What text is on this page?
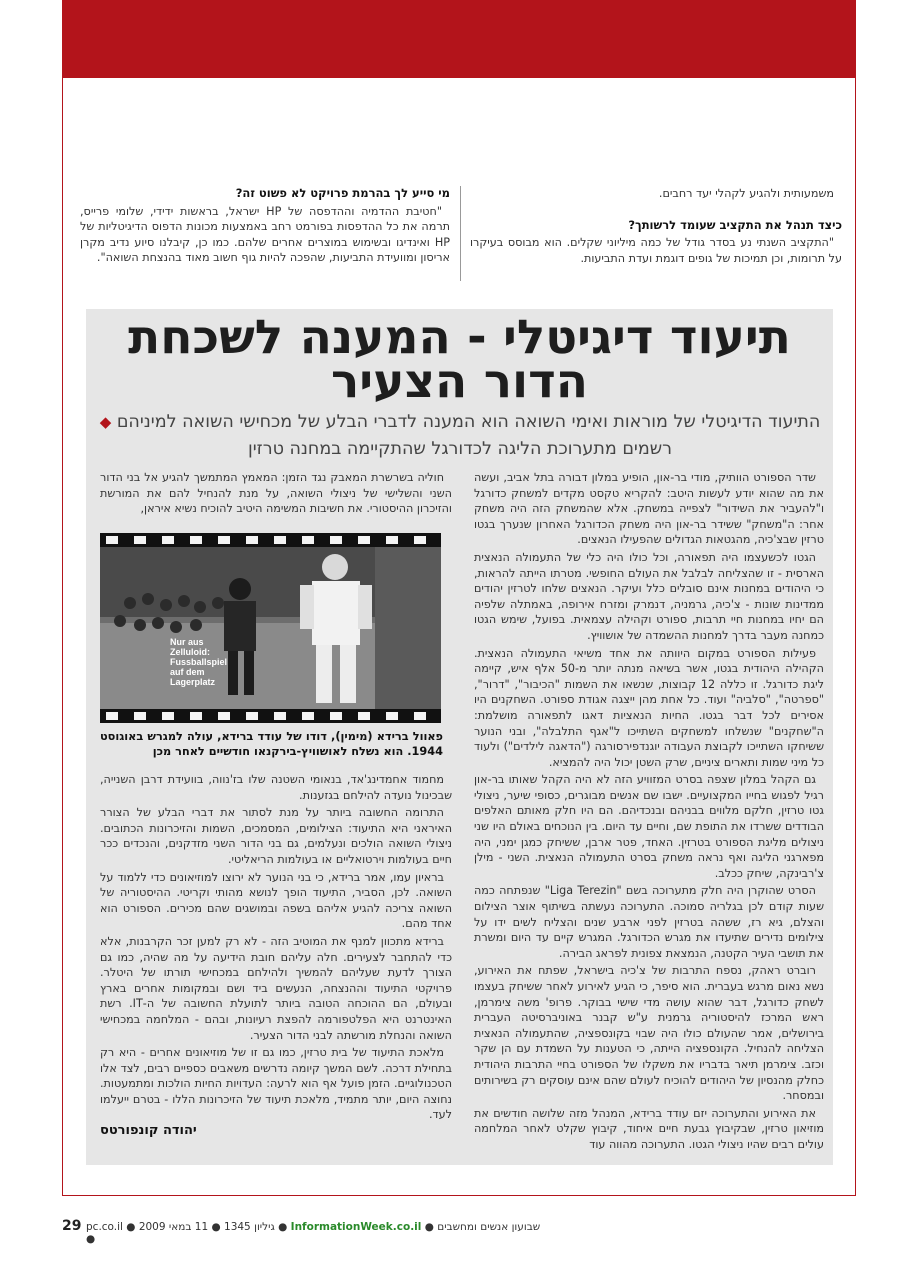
משמעותית ולהגיע לקהלי יעד רחבים.

כיצד תנהל את התקציב שעומד לרשותך?

"התקציב השנתי נע בסדר גודל של כמה מיליוני שקלים. הוא מבוסס בעיקרו על תרומות, וכן תמיכות של גופים דוגמת ועדת התביעות.

מי סייע לך בהרמת פרויקט לא פשוט זה?

"חטיבת ההדמיה וההדפסה של HP ישראל, בראשות ידידי, שלומי פרייס, תרמה את כל ההדפסות בפורמט רחב באמצעות מכונות הדפוס הדיגיטליות של HP ואינדיגו ובשימוש במוצרים אחרים שלהם. כמו כן, קיבלנו סיוע נדיב מקרן אריסון ומוועידת התביעות, שהפכה להיות גוף חשוב מאוד בהנצחת השואה".

תיעוד דיגיטלי - המענה לשכחת הדור הצעיר
התיעוד הדיגיטלי של מוראות ואימי השואה הוא המענה לדברי הבלע של מכחישי השואה למיניהם ◆ רשמים מתערוכת הליגה לכדורגל שהתקיימה במחנה טרזין

שדר הספורט הוותיק, מודי בר-און, הופיע במלון דבורה בתל אביב, ועשה את מה שהוא יודע לעשות היטב: להקריא טקסט מקדים למשחק כדורגל ו"להעביר את השידור" לצפייה במשחק. אלא שהמשחק הזה היה משחק אחר: ה"משחק" ששידר בר-און היה משחק הכדורגל האחרון שנערך בגטו טרזין שבצ'כיה, מהגטאות הגדולים שהפעילו הנאצים.

הגטו לכשעצמו היה תפאורה, וכל כולו היה כלי של התעמולה הנאצית הארסית - זו שהצליחה לבלבל את העולם החופשי. מטרתו הייתה להראות, כי היהודים במחנות אינם סובלים כלל ועיקר. הנאצים שלחו לטרזין יהודים ממדינות שונות - צ'כיה, גרמניה, דנמרק ומזרח אירופה, באמתלה שלפיה הם יחיו במחנות חיי תרבות, ספורט וקהילה עצמאית. בפועל, שימש הגטו כמחנה מעבר בדרך למחנות ההשמדה של אושוויץ.

פעילות הספורט במקום היוותה את אחד משיאי התעמולה הנאצית. הקהילה היהודית בגטו, אשר בשיאה מנתה יותר מ-50 אלף איש, קיימה ליגת כדורגל. זו כללה 12 קבוצות, שנשאו את השמות "הכיבור", "דרור", "ספרטה", "סלביה" ועוד. כל אחת מהן ייצגה אגודת ספורט. השחקנים היו אסירים לכל דבר בגטו. החיות הנאציות דאגו לתפאורה מושלמת: ה"שחקנים" שנשלחו למשחקים השתייכו ל"אגף התלבלה", ובני הנוער ששיחקו השתייכו לקבוצת העבודה יוגנדפירסורגה ("הדאגה לילדים") ולעוד כל מיני שמות ותארים ציניים, שרק השטן יכול היה להמציא.

גם הקהל במלון שצפה בסרט המזוויע הזה לא היה הקהל שאותו בר-און רגיל לפגוש בחייו המקצועיים. ישבו שם אנשים מבוגרים, כסופי שיער, ניצולי גטו טרזין, חלקם מלווים בבניהם ובנכדיהם. הם היו חלק מאותם האלפים הבודדים ששרדו את התופת שם, וחיים עד היום. בין הנוכחים באולם היו שני ניצולים מליגת הספורט בטרזין. האחד, פטר ארבן, ששיחק כמגן ימני, היה מפארגני הליגה ואף נראה משחק בסרט התעמולה הנאצית. השני - מילן צ'רבינקה, שיחק ככלב.

הסרט שהוקרן היה חלק מתערוכה בשם "Liga Terezin" שנפתחה כמה שעות קודם לכן בגלריה סמוכה. התערוכה נעשתה בשיתוף אוצר הצילום והצלם, גיא רז, ששהה בטרזין לפני ארבע שנים והצליח לשים ידו על צילומים נדירים שתיעדו את מגרש הכדורגל. המגרש קיים עד היום ומשרת את תושבי העיר הקטנה, הנמצאת צפונית לפראג הבירה.

רוברט ראהק, נספח התרבות של צ'כיה בישראל, שפתח את האירוע, נשא נאום מרגש בעברית. הוא סיפר, כי הגיע לאירוע לאחר ששיחק בעצמו לשחק כדורגל, דבר שהוא עושה מדי שישי בבוקר. פרופ' משה צימרמן, ראש המרכז להיסטוריה גרמנית ע"ש קבנר באוניברסיטה העברית בירושלים, אמר שהעולם כולו היה שבוי בקונספציה, שהתעמולה הנאצית הצליחה להנחיל. הקונספציה הייתה, כי הטענות על השמדת עם הן שקר וכזב. צימרמן תיאר בדבריו את משקלו של הספורט בחיי התרבות היהודית כחלק מהנסיון של היהודים להוכיח לעולם שהם אינם עוסקים רק בשירותים ובמסחר.

את האירוע והתערוכה יזם עודד ברידא, המנהל מזה שלושה חודשים את מוזיאון טרזין, שבקיבוץ גבעת חיים איחוד, קיבוץ שקלט לאחר המלחמה עולים רבים שהיו ניצולי הגטו. התערוכה מהווה עוד

חוליה בשרשרת המאבק נגד הזמן: המאמץ המתמשך להגיע אל בני הדור השני והשלישי של ניצולי השואה, על מנת להנחיל להם את המורשת והזיכרון ההיסטורי. את חשיבות המשימה היטיב להוכיח נשיא איראן,

Nur aus Zelluloid: Fussballspiel auf dem Lagerplatz
פאוול ברידא (מימין), דודו של עודד ברידא, עולה למגרש באוגוסט 1944. הוא נשלח לאושוויץ-בירקנאו חודשיים לאחר מכן

מחמוד אחמדינג'אד, בנאומי השטנה שלו בז'נווה, בוועידת דרבן השנייה, שבכינול נועדה להילחם בגזענות.

התרומה החשובה ביותר על מנת לסתור את דברי הבלע של הצורר האיראני היא התיעוד: הצילומים, המסמכים, השמות והזיכרונות הכתובים. ניצולי השואה הולכים ונעלמים, גם בני הדור השני מזדקנים, והנכדים ככר חיים בעולמות וירטואליים או בעולמות הריאליטי.

בראיון עמו, אמר ברידא, כי בני הנוער לא ירוצו למוזיאונים כדי ללמוד על השואה. לכן, הסביר, התיעוד הופך לנושא מהותי וקריטי. ההיסטוריה של השואה צריכה להגיע אליהם בשפה ובמושגים שהם מכירים. הספורט הוא אחד מהם.

ברידא מתכוון למנף את המוטיב הזה - לא רק למען זכר הקרבנות, אלא כדי להתחבר לצעירים. חלה עליהם חובת הידיעה על מה שהיה, כמו גם הצורך לדעת שעליהם להמשיך ולהילחם במכחישי תורתו של היטלר. פרויקטי התיעוד וההנצחה, הנעשים ביד ושם ובמקומות אחרים בארץ ובעולם, הם ההוכחה הטובה ביותר לתועלת החשובה של ה-IT. רשת האינטרנט היא הפלטפורמה להפצת רעיונות, ובהם - המלחמה במכחישי השואה והנחלת מורשתה לבני הדור הצעיר.

מלאכת התיעוד של בית טרזין, כמו גם זו של מוזיאונים אחרים - היא רק בתחילת דרכה. לשם המשך קיומה נדרשים משאבים כספיים רבים, לצד אלו הטכנולוגיים. הזמן פועל אף הוא לרעה: העדויות החיות הולכות ומתמעטות. נחוצה היום, יותר מתמיד, מלאכת תיעוד של הזיכרונות הללו - בטרם ייעלמו לעד.

יהודה קונפורטס
29	שבועון אנשים ומחשבים ● InformationWeek.co.il ● גיליון 1345 ● 11 במאי 2009 ● pc.co.il ●
